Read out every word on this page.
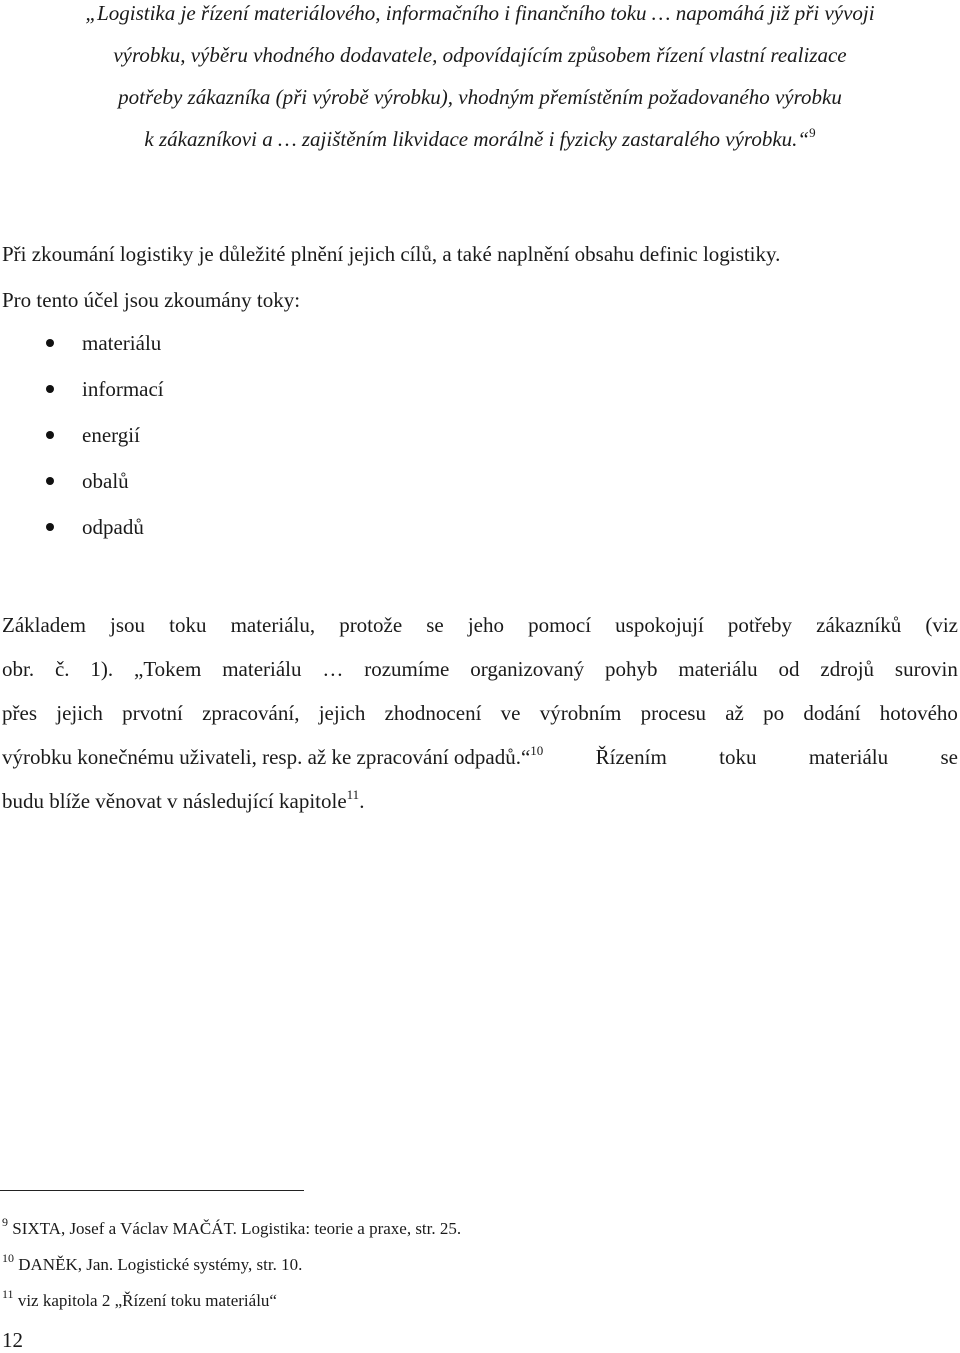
„Logistika je řízení materiálového, informačního i finančního toku … napomáhá již při vývoji
výrobku, výběru vhodného dodavatele, odpovídajícím způsobem řízení vlastní realizace
potřeby zákazníka (při výrobě výrobku), vhodným přemístěním požadovaného výrobku
k zákazníkovi a … zajištěním likvidace morálně i fyzicky zastaralého výrobku.“$^9$
Při zkoumání logistiky je důležité plnění jejich cílů, a také naplnění obsahu definic logistiky.
Pro tento účel jsou zkoumány toky:
materiálu
informací
energií
obalů
odpadů
Základem jsou toku materiálu, protože se jeho pomocí uspokojují potřeby zákazníků (viz
obr. č. 1). „Tokem materiálu … rozumíme organizovaný pohyb materiálu od zdrojů surovin
přes jejich prvotní zpracování, jejich zhodnocení ve výrobním procesu až po dodání hotového
výrobku konečnému uživateli, resp. až ke zpracování odpadů.“$^{10}$ Řízením toku materiálu se
budu blíže věnovat v následující kapitole$^{11}$.
$^9$ SIXTA, Josef a Václav MAČÁT. Logistika: teorie a praxe, str. 25.
$^{10}$ DANĚK, Jan. Logistické systémy, str. 10.
$^{11}$ viz kapitola 2 „Řízení toku materiálu“
12
